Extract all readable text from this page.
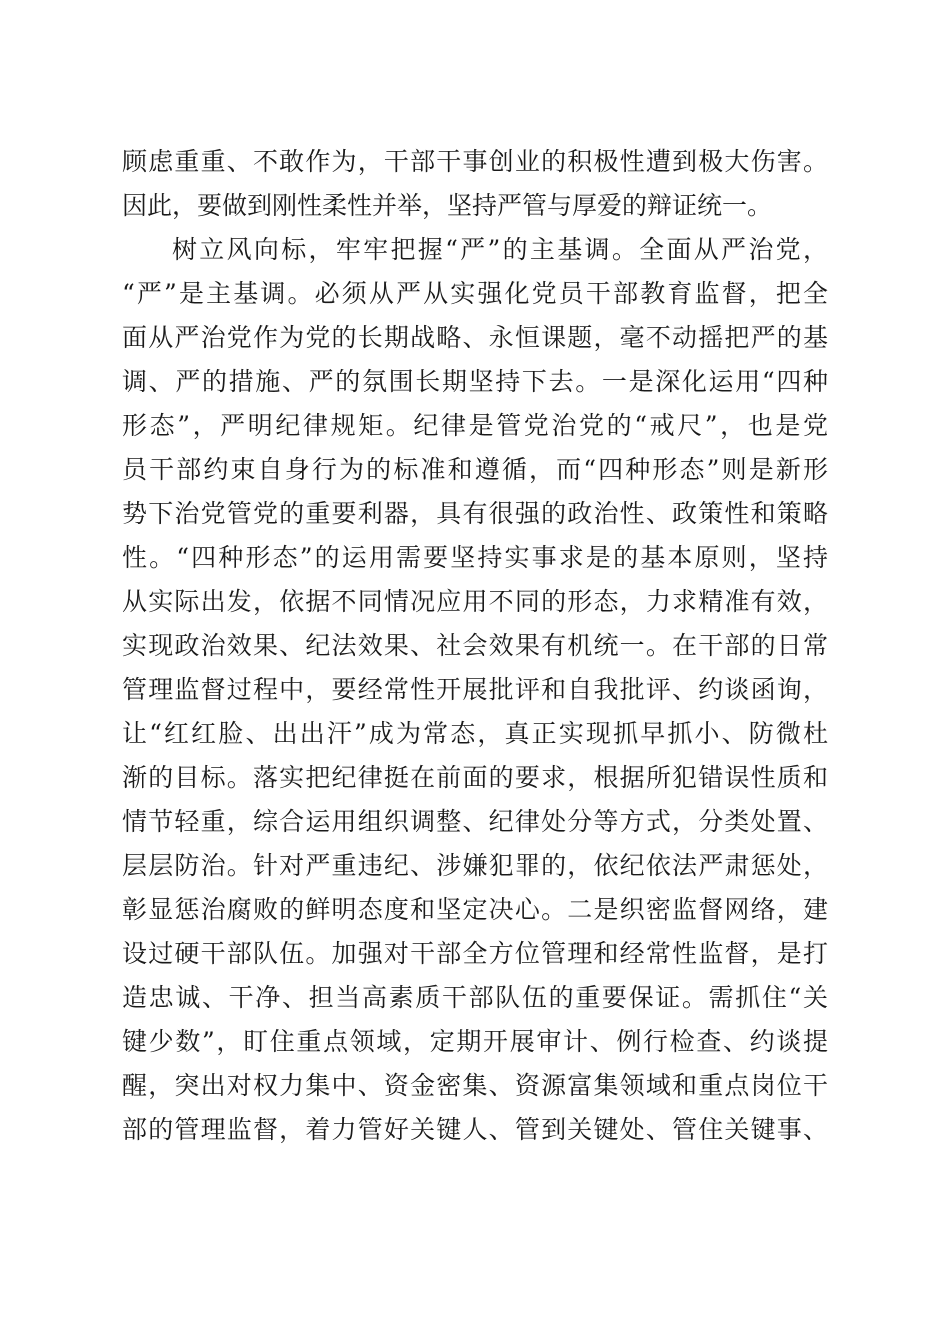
顾虑重重、不敢作为，干部干事创业的积极性遭到极大伤害。
因此，要做到刚性柔性并举，坚持严管与厚爱的辩证统一。
树立风向标，牢牢把握“严”的主基调。全面从严治党，
“严”是主基调。必须从严从实强化党员干部教育监督，把全
面从严治党作为党的长期战略、永恒课题，毫不动摇把严的基
调、严的措施、严的氛围长期坚持下去。一是深化运用“四种
形态”，严明纪律规矩。纪律是管党治党的“戒尺”，也是党
员干部约束自身行为的标准和遵循，而“四种形态”则是新形
势下治党管党的重要利器，具有很强的政治性、政策性和策略
性。“四种形态”的运用需要坚持实事求是的基本原则，坚持
从实际出发，依据不同情况应用不同的形态，力求精准有效，
实现政治效果、纪法效果、社会效果有机统一。在干部的日常
管理监督过程中，要经常性开展批评和自我批评、约谈函询，
让“红红脸、出出汗”成为常态，真正实现抓早抓小、防微杜
渐的目标。落实把纪律挺在前面的要求，根据所犯错误性质和
情节轻重，综合运用组织调整、纪律处分等方式，分类处置、
层层防治。针对严重违纪、涉嫌犯罪的，依纪依法严肃惩处，
彰显惩治腐败的鲜明态度和坚定决心。二是织密监督网络，建
设过硬干部队伍。加强对干部全方位管理和经常性监督，是打
造忠诚、干净、担当高素质干部队伍的重要保证。需抓住“关
键少数”，盯住重点领域，定期开展审计、例行检查、约谈提
醒，突出对权力集中、资金密集、资源富集领域和重点岗位干
部的管理监督，着力管好关键人、管到关键处、管住关键事、
